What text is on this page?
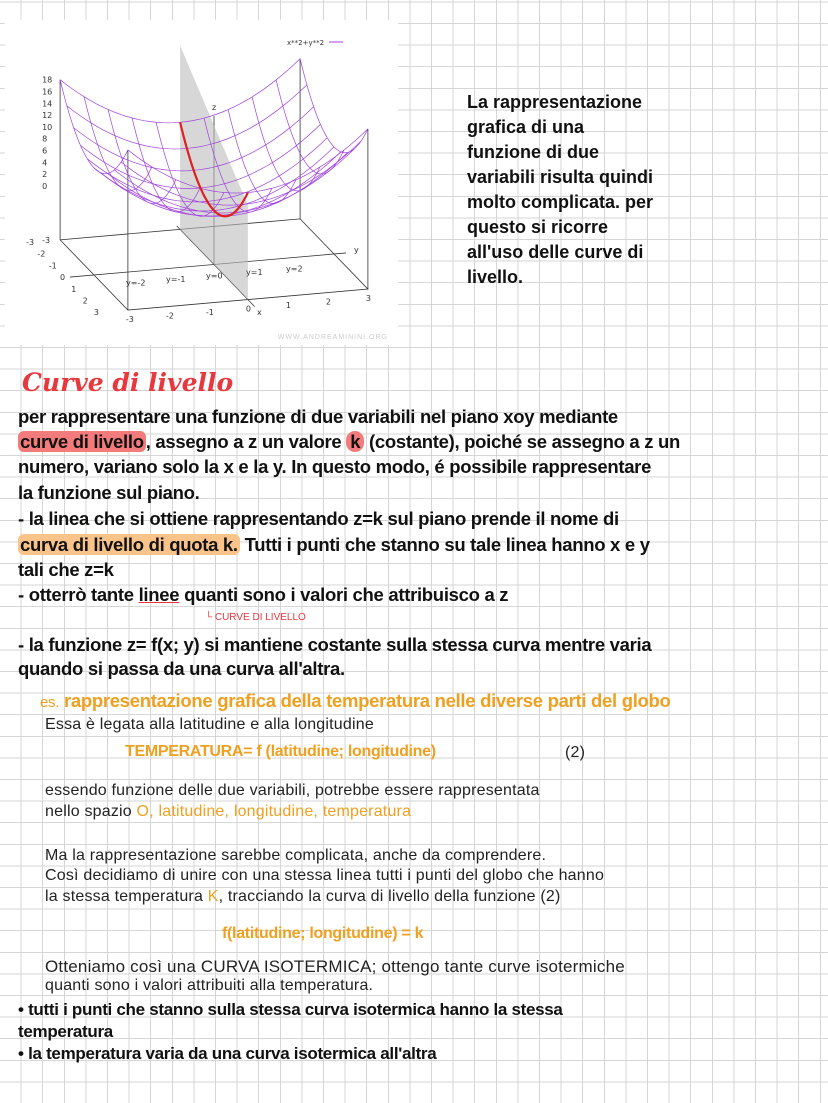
18
16
14
12
10
8
6
4
2
0
-3
-3
-2
-1
0
1
2
3
-3	-2	-1	0	1	2	3
y=-2	y=-1	y=0	y=1	y=2
z
y
x
x**2+y**2
WWW.ANDREAMININI.ORG
La rappresentazione
grafica di una
funzione di due
variabili risulta quindi
molto complicata. per
questo si ricorre
all'uso delle curve di
livello.
Curve di livello
per rappresentare una funzione di due variabili nel piano xoy mediante
curve di livello , assegno a z un valore k (costante), poiché se assegno a z un
numero, variano solo la x e la y. In questo modo, é possibile rappresentare
la funzione sul piano.
- la linea che si ottiene rappresentando z=k sul piano prende il nome di
curva di livello di quota k. Tutti i punti che stanno su tale linea hanno x e y
tali che z=k
- otterrò tante linee quanti sono i valori che attribuisco a z
└ CURVE DI LIVELLO
- la funzione z= f(x; y) si mantiene costante sulla stessa curva mentre varia
quando si passa da una curva all'altra.
es. rappresentazione grafica della temperatura nelle diverse parti del globo
Essa è legata alla latitudine e alla longitudine
TEMPERATURA= f (latitudine; longitudine)	(2)
essendo funzione delle due variabili, potrebbe essere rappresentata
nello spazio O, latitudine, longitudine, temperatura
Ma la rappresentazione sarebbe complicata, anche da comprendere.
Così decidiamo di unire con una stessa linea tutti i punti del globo che hanno
la stessa temperatura K, tracciando la curva di livello della funzione (2)
f(latitudine; longitudine) = k
Otteniamo così una CURVA ISOTERMICA; ottengo tante curve isotermiche
quanti sono i valori attribuiti alla temperatura.
• tutti i punti che stanno sulla stessa curva isotermica hanno la stessa
temperatura
• la temperatura varia da una curva isotermica all'altra
